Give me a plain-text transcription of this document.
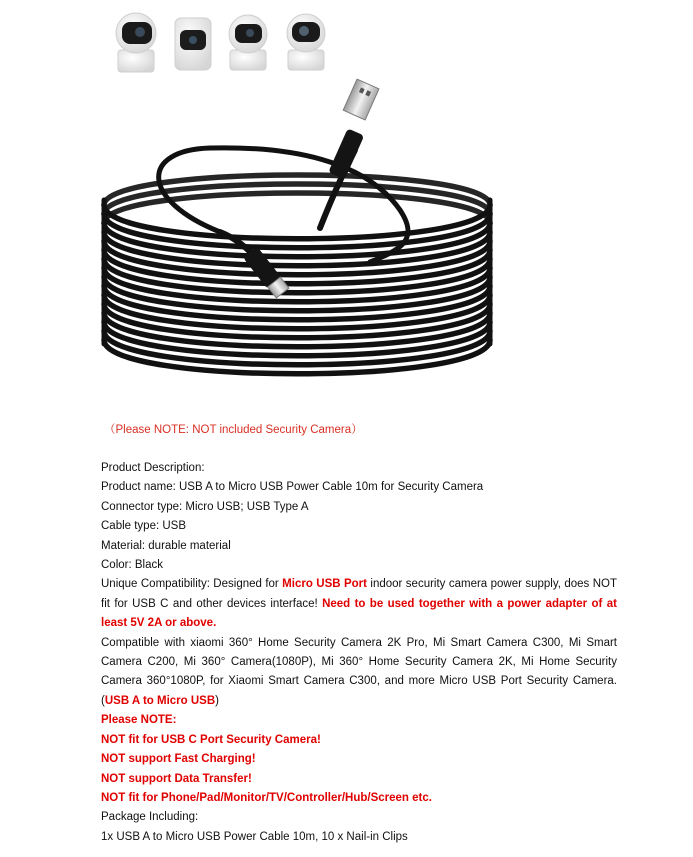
（Please NOTE: NOT included Security Camera）

Product Description:

Product name: USB A to Micro USB Power Cable 10m for Security Camera

Connector type: Micro USB; USB Type A

Cable type: USB

Material: durable material

Color: Black

Unique Compatibility: Designed for Micro USB Port indoor security camera power supply, does NOT fit for USB C and other devices interface! Need to be used together with a power adapter of at least 5V 2A or above.

Compatible with xiaomi 360° Home Security Camera 2K Pro, Mi Smart Camera C300, Mi Smart Camera C200, Mi 360° Camera(1080P), Mi 360° Home Security Camera 2K, Mi Home Security Camera 360°1080P, for Xiaomi Smart Camera C300, and more Micro USB Port Security Camera.(USB A to Micro USB)

Please NOTE:

NOT fit for USB C Port Security Camera!

NOT support Fast Charging!

NOT support Data Transfer!

NOT fit for Phone/Pad/Monitor/TV/Controller/Hub/Screen etc.

Package Including:

1x USB A to Micro USB Power Cable 10m, 10 x Nail-in Clips
